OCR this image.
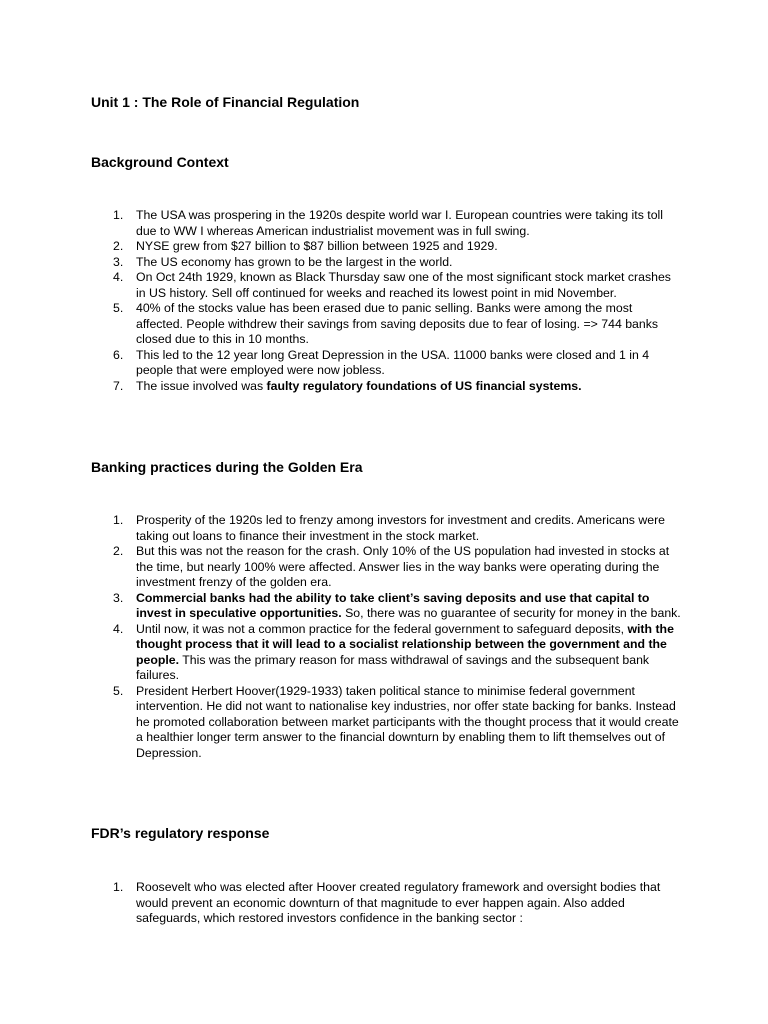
Unit 1 : The Role of Financial Regulation
Background Context
1.	The USA was prospering in the 1920s despite world war I. European countries were taking its toll due to WW I whereas American industrialist movement was in full swing.
2.	NYSE grew from $27 billion to $87 billion between 1925 and 1929.
3.	The US economy has grown to be the largest in the world.
4.	On Oct 24th 1929, known as Black Thursday saw one of the most significant stock market crashes in US history. Sell off continued for weeks and reached its lowest point in mid November.
5.	40% of the stocks value has been erased due to panic selling. Banks were among the most affected. People withdrew their savings from saving deposits due to fear of losing. => 744 banks closed due to this in 10 months.
6.	This led to the 12 year long Great Depression in the USA. 11000 banks were closed and 1 in 4 people that were employed were now jobless.
7.	The issue involved was faulty regulatory foundations of US financial systems.
Banking practices during the Golden Era
1.	Prosperity of the 1920s led to frenzy among investors for investment and credits. Americans were taking out loans to finance their investment in the stock market.
2.	But this was not the reason for the crash. Only 10% of the US population had invested in stocks at the time, but nearly 100% were affected. Answer lies in the way banks were operating during the investment frenzy of the golden era.
3.	Commercial banks had the ability to take client’s saving deposits and use that capital to invest in speculative opportunities. So, there was no guarantee of security for money in the bank.
4.	Until now, it was not a common practice for the federal government to safeguard deposits, with the thought process that it will lead to a socialist relationship between the government and the people. This was the primary reason for mass withdrawal of savings and the subsequent bank failures.
5.	President Herbert Hoover(1929-1933) taken political stance to minimise federal government intervention. He did not want to nationalise key industries, nor offer state backing for banks. Instead he promoted collaboration between market participants with the thought process that it would create a healthier longer term answer to the financial downturn by enabling them to lift themselves out of Depression.
FDR’s regulatory response
1.	Roosevelt who was elected after Hoover created regulatory framework and oversight bodies that would prevent an economic downturn of that magnitude to ever happen again. Also added safeguards, which restored investors confidence in the banking sector :
